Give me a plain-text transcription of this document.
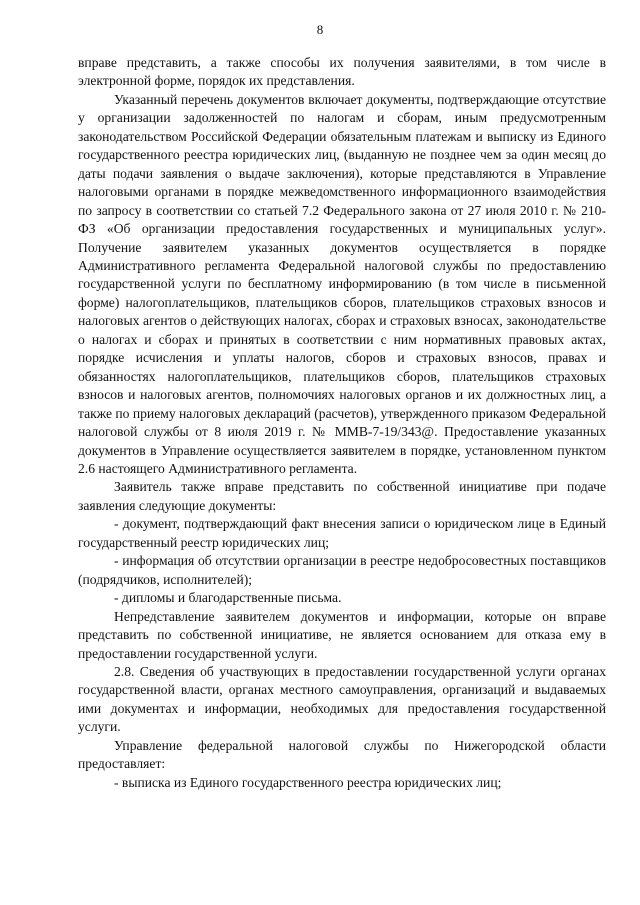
8

вправе представить, а также способы их получения заявителями, в том числе в электронной форме, порядок их представления.

Указанный перечень документов включает документы, подтверждающие отсутствие у организации задолженностей по налогам и сборам, иным предусмотренным законодательством Российской Федерации обязательным платежам и выписку из Единого государственного реестра юридических лиц, (выданную не позднее чем за один месяц до даты подачи заявления о выдаче заключения), которые представляются в Управление налоговыми органами в порядке межведомственного информационного взаимодействия по запросу в соответствии со статьей 7.2 Федерального закона от 27 июля 2010 г. № 210-ФЗ «Об организации предоставления государственных и муниципальных услуг». Получение заявителем указанных документов осуществляется в порядке Административного регламента Федеральной налоговой службы по предоставлению государственной услуги по бесплатному информированию (в том числе в письменной форме) налогоплательщиков, плательщиков сборов, плательщиков страховых взносов и налоговых агентов о действующих налогах, сборах и страховых взносах, законодательстве о налогах и сборах и принятых в соответствии с ним нормативных правовых актах, порядке исчисления и уплаты налогов, сборов и страховых взносов, правах и обязанностях налогоплательщиков, плательщиков сборов, плательщиков страховых взносов и налоговых агентов, полномочиях налоговых органов и их должностных лиц, а также по приему налоговых деклараций (расчетов), утвержденного приказом Федеральной налоговой службы от 8 июля 2019 г. № ММВ-7-19/343@. Предоставление указанных документов в Управление осуществляется заявителем в порядке, установленном пунктом 2.6 настоящего Административного регламента.

Заявитель также вправе представить по собственной инициативе при подаче заявления следующие документы:

- документ, подтверждающий факт внесения записи о юридическом лице в Единый государственный реестр юридических лиц;

- информация об отсутствии организации в реестре недобросовестных поставщиков (подрядчиков, исполнителей);

- дипломы и благодарственные письма.

Непредставление заявителем документов и информации, которые он вправе представить по собственной инициативе, не является основанием для отказа ему в предоставлении государственной услуги.

2.8. Сведения об участвующих в предоставлении государственной услуги органах государственной власти, органах местного самоуправления, организаций и выдаваемых ими документах и информации, необходимых для предоставления государственной услуги.

Управление федеральной налоговой службы по Нижегородской области предоставляет:

- выписка из Единого государственного реестра юридических лиц;
